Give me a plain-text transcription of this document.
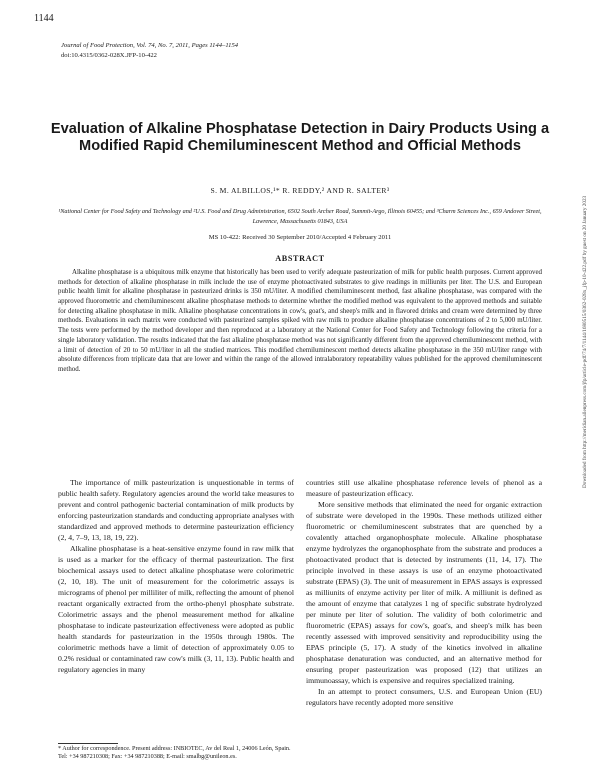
1144
Journal of Food Protection, Vol. 74, No. 7, 2011, Pages 1144–1154
doi:10.4315/0362-028X.JFP-10-422
Evaluation of Alkaline Phosphatase Detection in Dairy Products Using a Modified Rapid Chemiluminescent Method and Official Methods
S. M. ALBILLOS,¹* R. REDDY,² AND R. SALTER³
¹National Center for Food Safety and Technology and ²U.S. Food and Drug Administration, 6502 South Archer Road, Summit-Argo, Illinois 60455; and ³Charm Sciences Inc., 659 Andover Street, Lawrence, Massachusetts 01843, USA
MS 10-422: Received 30 September 2010/Accepted 4 February 2011
ABSTRACT

Alkaline phosphatase is a ubiquitous milk enzyme that historically has been used to verify adequate pasteurization of milk for public health purposes. Current approved methods for detection of alkaline phosphatase in milk include the use of enzyme photoactivated substrates to give readings in milliunits per liter. The U.S. and European public health limit for alkaline phosphatase in pasteurized drinks is 350 mU/liter. A modified chemiluminescent method, fast alkaline phosphatase, was compared with the approved fluorometric and chemiluminescent alkaline phosphatase methods to determine whether the modified method was equivalent to the approved methods and suitable for detecting alkaline phosphatase in milk. Alkaline phosphatase concentrations in cow's, goat's, and sheep's milk and in flavored drinks and cream were determined by three methods. Evaluations in each matrix were conducted with pasteurized samples spiked with raw milk to produce alkaline phosphatase concentrations of 2 to 5,000 mU/liter. The tests were performed by the method developer and then reproduced at a laboratory at the National Center for Food Safety and Technology following the criteria for a single laboratory validation. The results indicated that the fast alkaline phosphatase method was not significantly different from the approved chemiluminescent method, with a limit of detection of 20 to 50 mU/liter in all the studied matrices. This modified chemiluminescent method detects alkaline phosphatase in the 350 mU/liter range with absolute differences from triplicate data that are lower and within the range of the allowed intralaboratory repeatability values published for the approved chemiluminescent method.

The importance of milk pasteurization is unquestionable in terms of public health safety. Regulatory agencies around the world take measures to prevent and control pathogenic bacterial contamination of milk products by enforcing pasteurization standards and conducting appropriate analyses with standardized and approved methods to determine pasteurization efficiency (2, 4, 7–9, 13, 18, 19, 22).

Alkaline phosphatase is a heat-sensitive enzyme found in raw milk that is used as a marker for the efficacy of thermal pasteurization. The first biochemical assays used to detect alkaline phosphatase were colorimetric (2, 10, 18). The unit of measurement for the colorimetric assays is micrograms of phenol per milliliter of milk, reflecting the amount of phenol reactant organically extracted from the ortho-phenyl phosphate substrate. Colorimetric assays and the phenol measurement method for alkaline phosphatase to indicate pasteurization effectiveness were adopted as public health standards for pasteurization in the 1950s through 1980s. The colorimetric methods have a limit of detection of approximately 0.05 to 0.2% residual or contaminated raw cow's milk (3, 11, 13). Public health and regulatory agencies in many

countries still use alkaline phosphatase reference levels of phenol as a measure of pasteurization efficacy.

More sensitive methods that eliminated the need for organic extraction of substrate were developed in the 1990s. These methods utilized either fluorometric or chemiluminescent substrates that are quenched by a covalently attached organophosphate molecule. Alkaline phosphatase enzyme hydrolyzes the organophosphate from the substrate and produces a photoactivated product that is detected by instruments (11, 14, 17). The principle involved in these assays is use of an enzyme photoactivated substrate (EPAS) (3). The unit of measurement in EPAS assays is expressed as milliunits of enzyme activity per liter of milk. A milliunit is defined as the amount of enzyme that catalyzes 1 ng of specific substrate hydrolyzed per minute per liter of solution. The validity of both colorimetric and fluorometric (EPAS) assays for cow's, goat's, and sheep's milk has been recently assessed with improved sensitivity and reproducibility using the EPAS principle (5, 17). A study of the kinetics involved in alkaline phosphatase denaturation was conducted, and an alternative method for ensuring proper pasteurization was proposed (12) that utilizes an immunoassay, which is expensive and requires specialized training.

In an attempt to protect consumers, U.S. and European Union (EU) regulators have recently adopted more sensitive

* Author for correspondence. Present address: INBIOTEC, Av del Real 1, 24006 León, Spain. Tel: +34 987210308; Fax: +34 987210388; E-mail: smalbg@unileon.es.
Downloaded from http://meridian.allenpress.com/jfp/article-pdf/74/7/1144/1680515/0362-028x_jfp-10-422.pdf by guest on 20 January 2023
